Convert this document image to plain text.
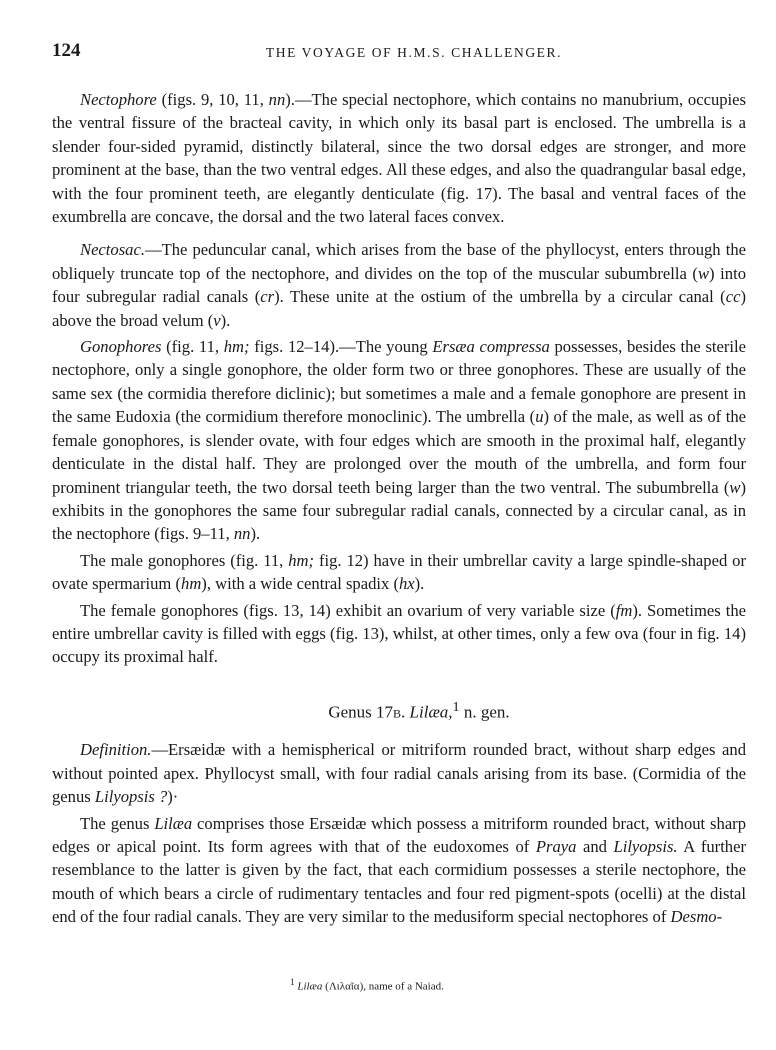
124	THE VOYAGE OF H.M.S. CHALLENGER.

Nectophore (figs. 9, 10, 11, nn).—The special nectophore, which contains no manubrium, occupies the ventral fissure of the bracteal cavity, in which only its basal part is enclosed. The umbrella is a slender four-sided pyramid, distinctly bilateral, since the two dorsal edges are stronger, and more prominent at the base, than the two ventral edges. All these edges, and also the quadrangular basal edge, with the four prominent teeth, are elegantly denticulate (fig. 17). The basal and ventral faces of the exumbrella are concave, the dorsal and the two lateral faces convex.

Nectosac.—The peduncular canal, which arises from the base of the phyllocyst, enters through the obliquely truncate top of the nectophore, and divides on the top of the muscular subumbrella (w) into four subregular radial canals (cr). These unite at the ostium of the umbrella by a circular canal (cc) above the broad velum (v).

Gonophores (fig. 11, hm; figs. 12–14).—The young Ersæa compressa possesses, besides the sterile nectophore, only a single gonophore, the older form two or three gonophores. These are usually of the same sex (the cormidia therefore diclinic); but sometimes a male and a female gonophore are present in the same Eudoxia (the cormidium therefore monoclinic). The umbrella (u) of the male, as well as of the female gonophores, is slender ovate, with four edges which are smooth in the proximal half, elegantly denticulate in the distal half. They are prolonged over the mouth of the umbrella, and form four prominent triangular teeth, the two dorsal teeth being larger than the two ventral. The subumbrella (w) exhibits in the gonophores the same four subregular radial canals, connected by a circular canal, as in the nectophore (figs. 9–11, nn).

The male gonophores (fig. 11, hm; fig. 12) have in their umbrellar cavity a large spindle-shaped or ovate spermarium (hm), with a wide central spadix (hx).

The female gonophores (figs. 13, 14) exhibit an ovarium of very variable size (fm). Sometimes the entire umbrellar cavity is filled with eggs (fig. 13), whilst, at other times, only a few ova (four in fig. 14) occupy its proximal half.

Genus 17B. Lilæa,$^1$ n. gen.

Definition.—Ersæidæ with a hemispherical or mitriform rounded bract, without sharp edges and without pointed apex. Phyllocyst small, with four radial canals arising from its base. (Cormidia of the genus Lilyopsis ?)·

The genus Lilæa comprises those Ersæidæ which possess a mitriform rounded bract, without sharp edges or apical point. Its form agrees with that of the eudoxomes of Praya and Lilyopsis. A further resemblance to the latter is given by the fact, that each cormidium possesses a sterile nectophore, the mouth of which bears a circle of rudimentary tentacles and four red pigment-spots (ocelli) at the distal end of the four radial canals. They are very similar to the medusiform special nectophores of Desmo-

$^1$ Lilæa (Λιλαῖα), name of a Naiad.
